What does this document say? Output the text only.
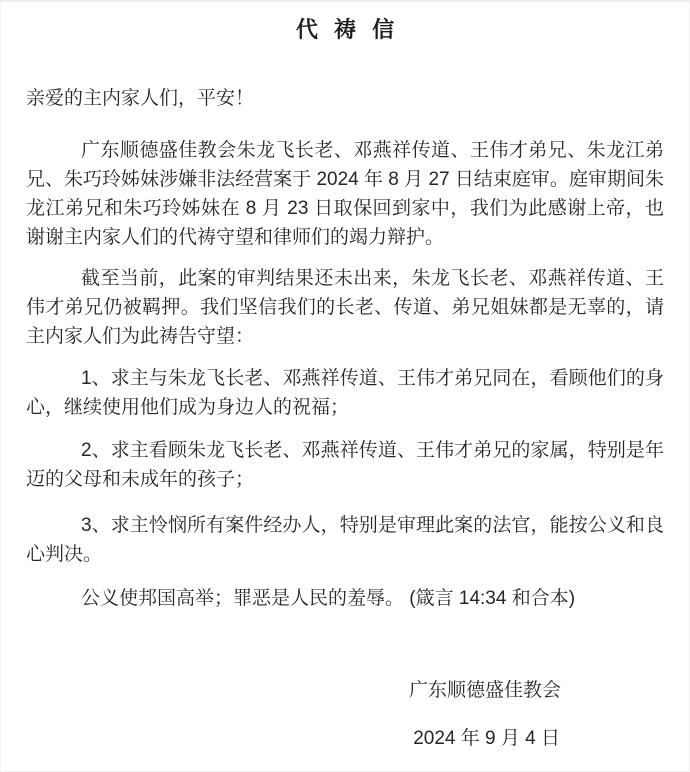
代 祷 信
亲爱的主内家人们，平安！
广东顺德盛佳教会朱龙飞长老、邓燕祥传道、王伟才弟兄、朱龙江弟兄、朱巧玲姊妹涉嫌非法经营案于 2024 年 8 月 27 日结束庭审。庭审期间朱龙江弟兄和朱巧玲姊妹在 8 月 23 日取保回到家中，我们为此感谢上帝，也谢谢主内家人们的代祷守望和律师们的竭力辩护。
截至当前，此案的审判结果还未出来，朱龙飞长老、邓燕祥传道、王伟才弟兄仍被羁押。我们坚信我们的长老、传道、弟兄姐妹都是无辜的，请主内家人们为此祷告守望：
1、求主与朱龙飞长老、邓燕祥传道、王伟才弟兄同在，看顾他们的身心，继续使用他们成为身边人的祝福；
2、求主看顾朱龙飞长老、邓燕祥传道、王伟才弟兄的家属，特别是年迈的父母和未成年的孩子；
3、求主怜悯所有案件经办人，特别是审理此案的法官，能按公义和良心判决。
公义使邦国高举；罪恶是人民的羞辱。 (箴言 14:34 和合本)
广东顺德盛佳教会
2024 年 9 月 4 日
